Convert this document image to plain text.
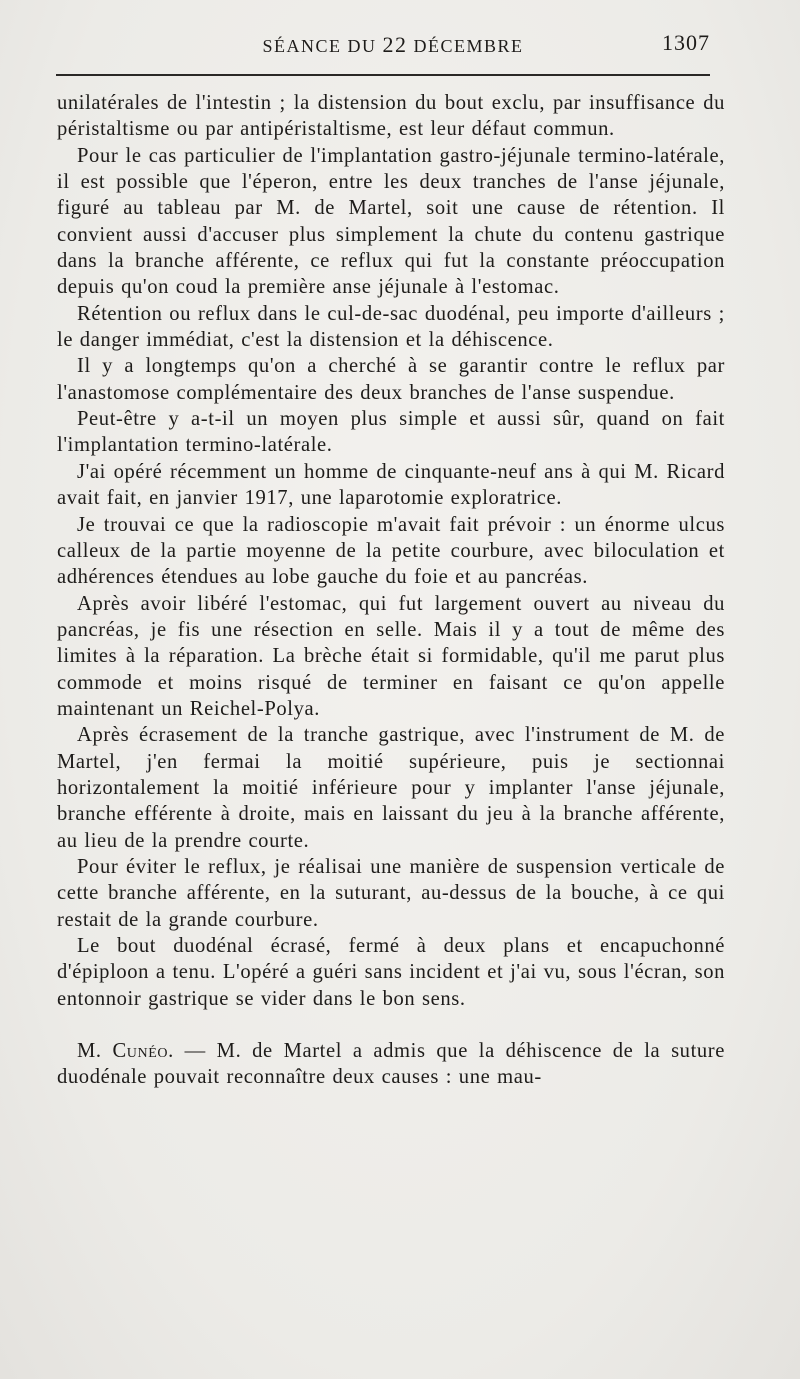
SÉANCE DU 22 DÉCEMBRE	1307

unilatérales de l'intestin ; la distension du bout exclu, par insuffisance du péristaltisme ou par antipéristaltisme, est leur défaut commun.

Pour le cas particulier de l'implantation gastro-jéjunale termino-latérale, il est possible que l'éperon, entre les deux tranches de l'anse jéjunale, figuré au tableau par M. de Martel, soit une cause de rétention. Il convient aussi d'accuser plus simplement la chute du contenu gastrique dans la branche afférente, ce reflux qui fut la constante préoccupation depuis qu'on coud la première anse jéjunale à l'estomac.

Rétention ou reflux dans le cul-de-sac duodénal, peu importe d'ailleurs ; le danger immédiat, c'est la distension et la déhiscence.

Il y a longtemps qu'on a cherché à se garantir contre le reflux par l'anastomose complémentaire des deux branches de l'anse suspendue.

Peut-être y a-t-il un moyen plus simple et aussi sûr, quand on fait l'implantation termino-latérale.

J'ai opéré récemment un homme de cinquante-neuf ans à qui M. Ricard avait fait, en janvier 1917, une laparotomie exploratrice.

Je trouvai ce que la radioscopie m'avait fait prévoir : un énorme ulcus calleux de la partie moyenne de la petite courbure, avec biloculation et adhérences étendues au lobe gauche du foie et au pancréas.

Après avoir libéré l'estomac, qui fut largement ouvert au niveau du pancréas, je fis une résection en selle. Mais il y a tout de même des limites à la réparation. La brèche était si formidable, qu'il me parut plus commode et moins risqué de terminer en faisant ce qu'on appelle maintenant un Reichel-Polya.

Après écrasement de la tranche gastrique, avec l'instrument de M. de Martel, j'en fermai la moitié supérieure, puis je sectionnai horizontalement la moitié inférieure pour y implanter l'anse jéjunale, branche efférente à droite, mais en laissant du jeu à la branche afférente, au lieu de la prendre courte.

Pour éviter le reflux, je réalisai une manière de suspension verticale de cette branche afférente, en la suturant, au-dessus de la bouche, à ce qui restait de la grande courbure.

Le bout duodénal écrasé, fermé à deux plans et encapuchonné d'épiploon a tenu. L'opéré a guéri sans incident et j'ai vu, sous l'écran, son entonnoir gastrique se vider dans le bon sens.

M. Cunéo. — M. de Martel a admis que la déhiscence de la suture duodénale pouvait reconnaître deux causes : une mau-
